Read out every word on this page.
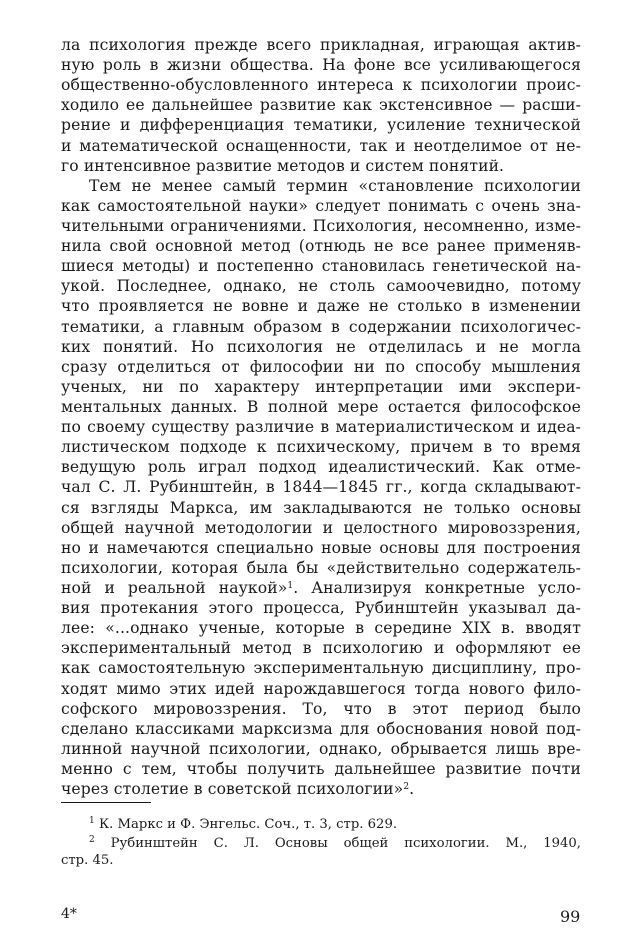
ла психология прежде всего прикладная, играющая актив-
ную роль в жизни общества. На фоне все усиливающегося
общественно-обусловленного интереса к психологии проис-
ходило ее дальнейшее развитие как экстенсивное — расши-
рение и дифференциация тематики, усиление технической
и математической оснащенности, так и неотделимое от не-
го интенсивное развитие методов и систем понятий.
Тем не менее самый термин «становление психологии
как самостоятельной науки» следует понимать с очень зна-
чительными ограничениями. Психология, несомненно, изме-
нила свой основной метод (отнюдь не все ранее применяв-
шиеся методы) и постепенно становилась генетической на-
укой. Последнее, однако, не столь самоочевидно, потому
что проявляется не вовне и даже не столько в изменении
тематики, а главным образом в содержании психологичес-
ких понятий. Но психология не отделилась и не могла
сразу отделиться от философии ни по способу мышления
ученых, ни по характеру интерпретации ими экспери-
ментальных данных. В полной мере остается философское
по своему существу различие в материалистическом и идеа-
листическом подходе к психическому, причем в то время
ведущую роль играл подход идеалистический. Как отме-
чал С. Л. Рубинштейн, в 1844—1845 гг., когда складывают-
ся взгляды Маркса, им закладываются не только основы
общей научной методологии и целостного мировоззрения,
но и намечаются специально новые основы для построения
психологии, которая была бы «действительно содержатель-
ной и реальной наукой»$^1$. Анализируя конкретные усло-
вия протекания этого процесса, Рубинштейн указывал да-
лее: «...однако ученые, которые в середине XIX в. вводят
экспериментальный метод в психологию и оформляют ее
как самостоятельную экспериментальную дисциплину, про-
ходят мимо этих идей нарождавшегося тогда нового фило-
софского мировоззрения. То, что в этот период было
сделано классиками марксизма для обоснования новой под-
линной научной психологии, однако, обрывается лишь вре-
$^1$ К. Маркс и Ф. Энгельс. Соч., т. 3, стр. 629.
$^2$ Рубинштейн С. Л. Основы общей психологии. М., 1940,
стр. 45.
4*	99
менно с тем, чтобы получить дальнейшее развитие почти
через столетие в советской психологии»$^2$.
